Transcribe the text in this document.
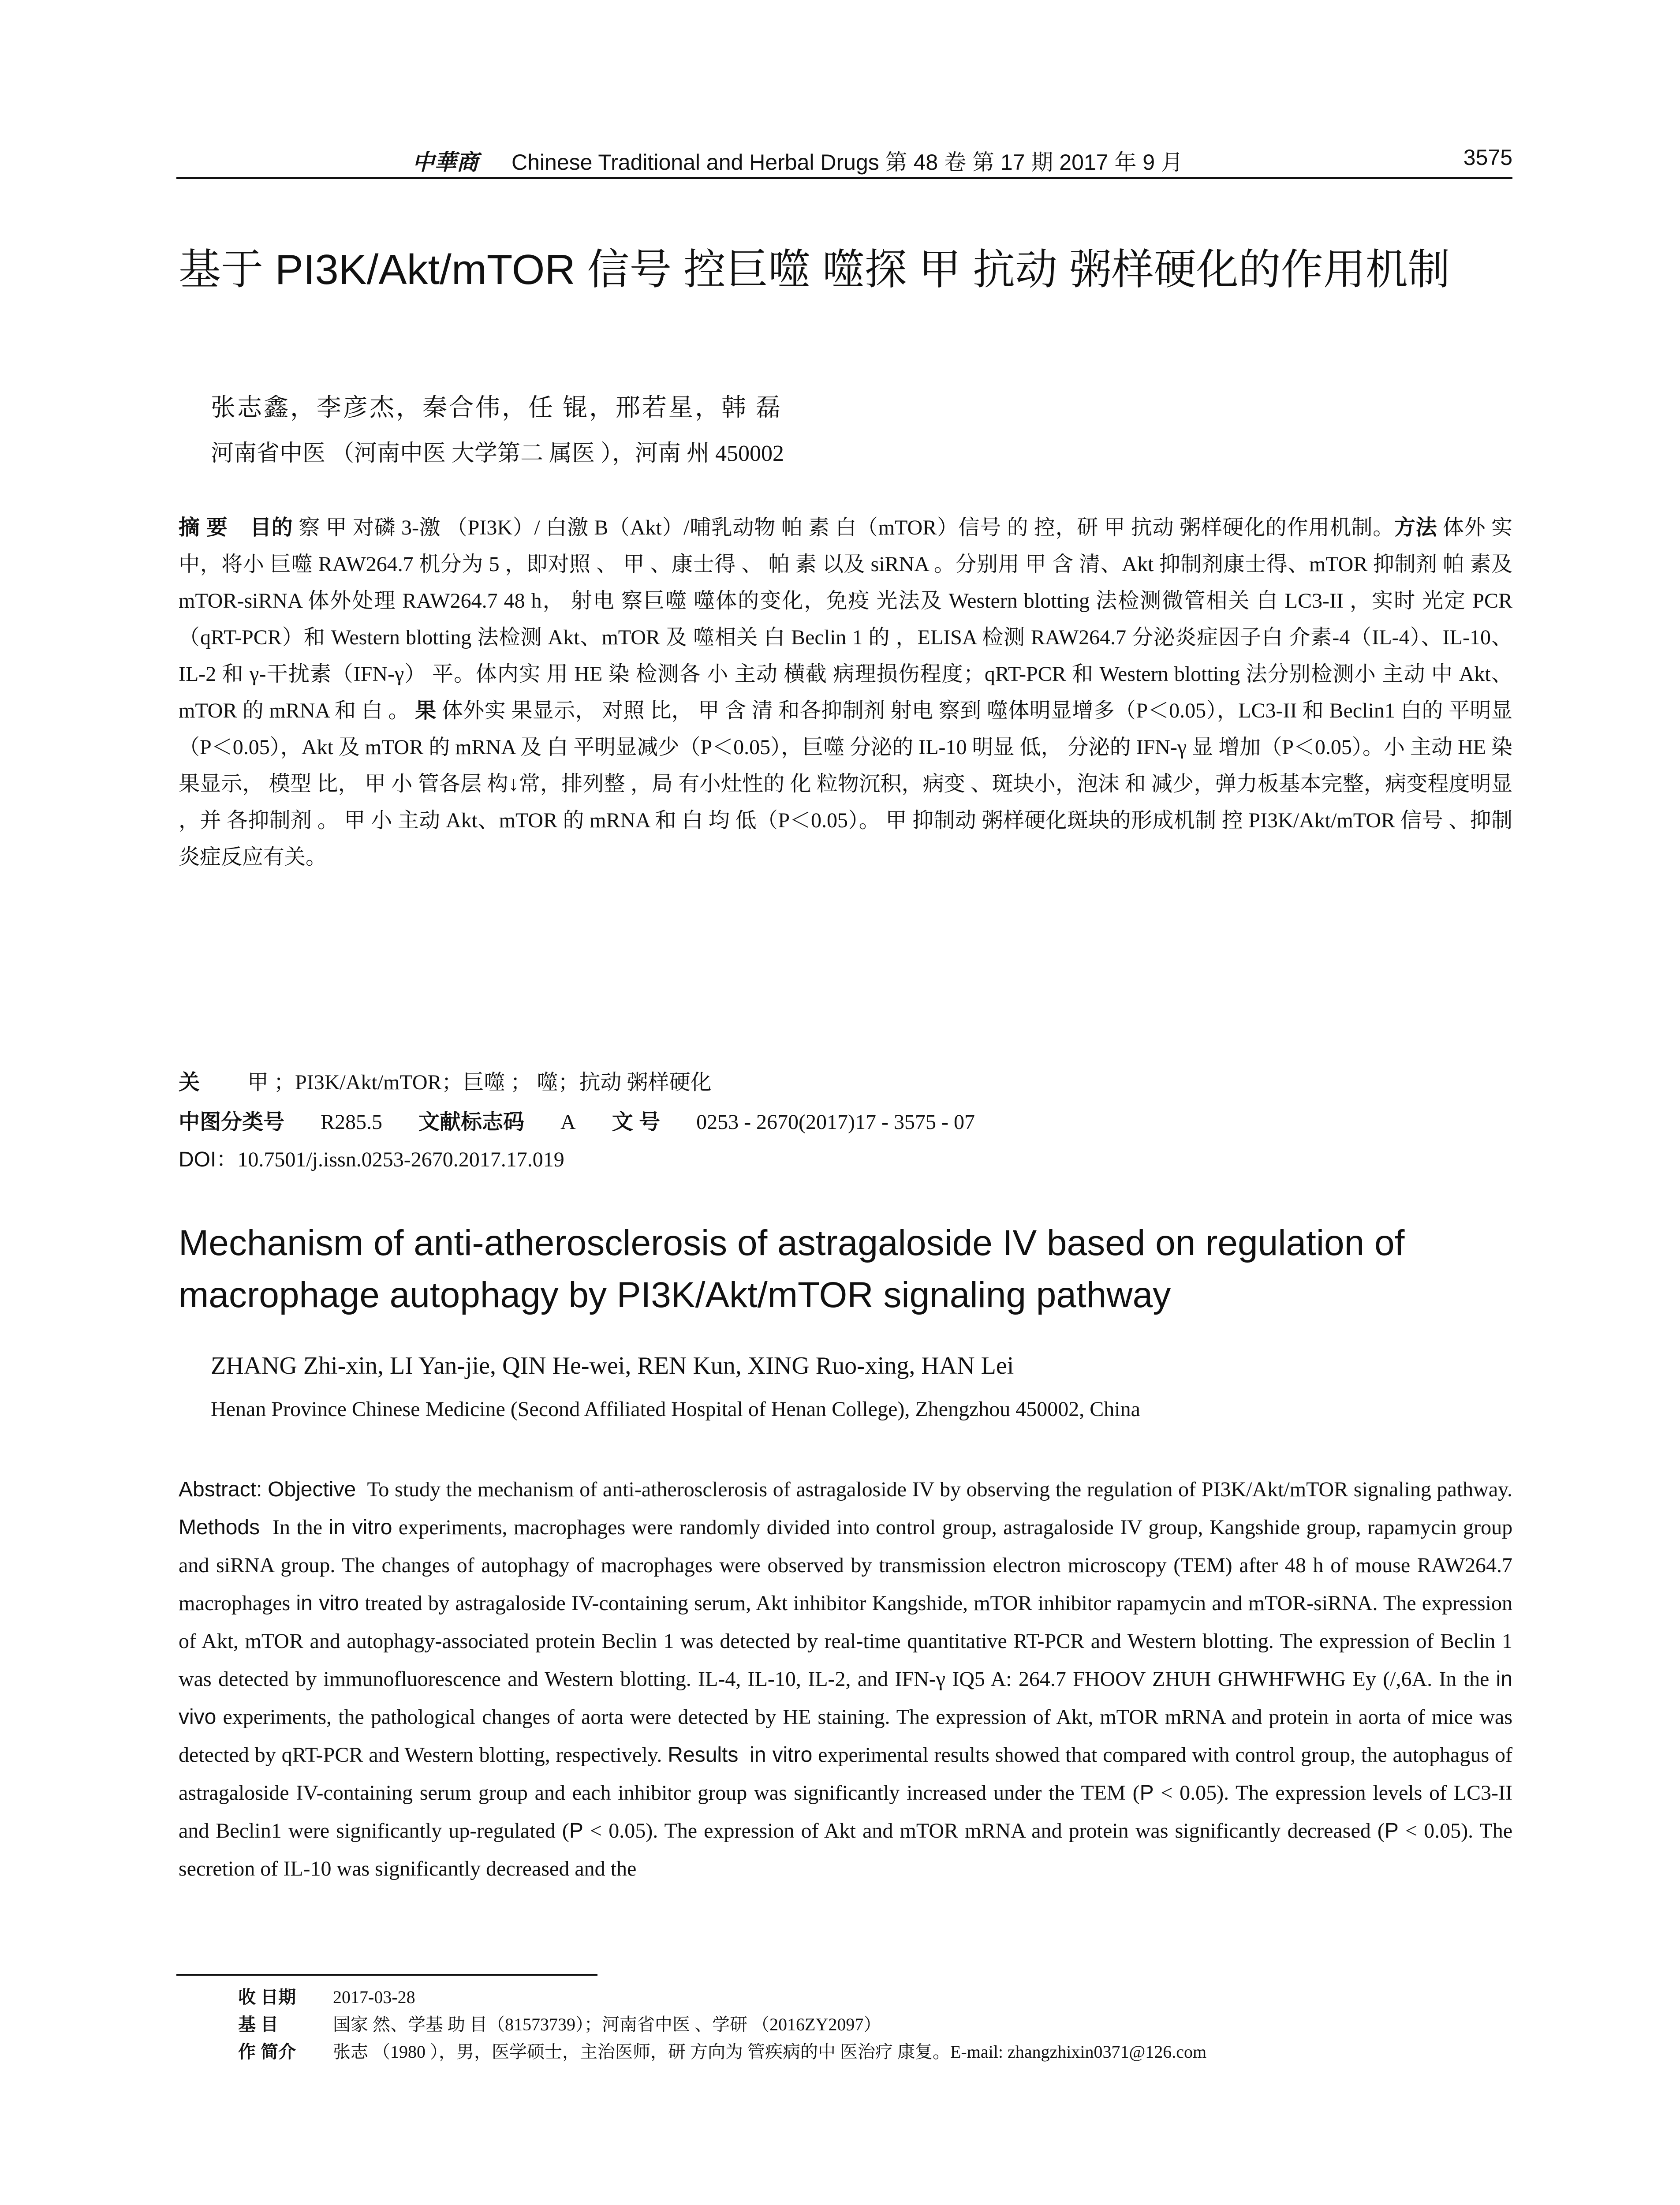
中華商 Chinese Traditional and Herbal Drugs 第 48 卷 第 17 期 2017 年 9 月	3575
基于 PI3K/Akt/mTOR 信号 控巨噬 噬探 甲 抗动 粥样硬化的作用机制
张志鑫，李彦杰，秦合伟，任 锟，邢若星，韩 磊
河南省中医 （河南中医 大学第二 属医 ），河南 州 450002
摘 要 目的 察 甲 对磷 3-激 （PI3K）/ 白激 B（Akt）/哺乳动物 帕 素 白（mTOR）信号 的 控，研 甲 抗动 粥样硬化的作用机制。方法 体外 实 中，将小 巨噬 RAW264.7 机分为 5 ，即对照 、 甲 、康士得 、 帕 素 以及 siRNA 。分别用 甲 含 清、Akt 抑制剂康士得、mTOR 抑制剂 帕 素及 mTOR-siRNA 体外处理 RAW264.7 48 h， 射电 察巨噬 噬体的变化，免疫 光法及 Western blotting 法检测微管相关 白 LC3-II ，实时 光定 PCR（qRT-PCR）和 Western blotting 法检测 Akt、mTOR 及 噬相关 白 Beclin 1 的 ，ELISA 检测 RAW264.7 分泌炎症因子白 介素-4（IL-4）、IL-10、IL-2 和 γ-干扰素（IFN-γ） 平。体内实 用 HE 染 检测各 小 主动 横截 病理损伤程度；qRT-PCR 和 Western blotting 法分别检测小 主动 中 Akt、mTOR 的 mRNA 和 白 。 果 体外实 果显示， 对照 比， 甲 含 清 和各抑制剂 射电 察到 噬体明显增多（P＜0.05），LC3-II 和 Beclin1 白的 平明显 （P＜0.05），Akt 及 mTOR 的 mRNA 及 白 平明显减少（P＜0.05），巨噬 分泌的 IL-10 明显 低， 分泌的 IFN-γ 显 增加（P＜0.05）。小 主动 HE 染 果显示， 模型 比， 甲 小 管各层 构↓常，排列整 ，局 有小灶性的 化 粒物沉积，病变 、斑块小，泡沫 和 减少，弹力板基本完整，病变程度明显 ，并 各抑制剂 。 甲 小 主动 Akt、mTOR 的 mRNA 和 白 均 低（P＜0.05）。 甲 抑制动 粥样硬化斑块的形成机制 控 PI3K/Akt/mTOR 信号 、抑制炎症反应有关。
关 甲 ；PI3K/Akt/mTOR；巨噬 ； 噬；抗动 粥样硬化
中图分类号 R285.5 文献标志码 A 文 号 0253 - 2670(2017)17 - 3575 - 07
DOI：10.7501/j.issn.0253-2670.2017.17.019
Mechanism of anti-atherosclerosis of astragaloside IV based on regulation of macrophage autophagy by PI3K/Akt/mTOR signaling pathway
ZHANG Zhi-xin, LI Yan-jie, QIN He-wei, REN Kun, XING Ruo-xing, HAN Lei
Henan Province Chinese Medicine (Second Affiliated Hospital of Henan College), Zhengzhou 450002, China
Abstract: Objective To study the mechanism of anti-atherosclerosis of astragaloside IV by observing the regulation of PI3K/Akt/mTOR signaling pathway. Methods In the in vitro experiments, macrophages were randomly divided into control group, astragaloside IV group, Kangshide group, rapamycin group and siRNA group. The changes of autophagy of macrophages were observed by transmission electron microscopy (TEM) after 48 h of mouse RAW264.7 macrophages in vitro treated by astragaloside IV-containing serum, Akt inhibitor Kangshide, mTOR inhibitor rapamycin and mTOR-siRNA. The expression of Akt, mTOR and autophagy-associated protein Beclin 1 was detected by real-time quantitative RT-PCR and Western blotting. The expression of Beclin 1 was detected by immunofluorescence and Western blotting. IL-4, IL-10, IL-2, and IFN-γ IQ5 A: 264.7 FHOOV ZHUH GHWHFWHG Ey (/,6A. In the in vivo experiments, the pathological changes of aorta were detected by HE staining. The expression of Akt, mTOR mRNA and protein in aorta of mice was detected by qRT-PCR and Western blotting, respectively. Results in vitro experimental results showed that compared with control group, the autophagus of astragaloside IV-containing serum group and each inhibitor group was significantly increased under the TEM (P < 0.05). The expression levels of LC3-II and Beclin1 were significantly up-regulated (P < 0.05). The expression of Akt and mTOR mRNA and protein was significantly decreased (P < 0.05). The secretion of IL-10 was significantly decreased and the
收 日期 2017-03-28
基 目	国家 然、学基 助 目（81573739）；河南省中医 、学研 （2016ZY2097）
作 简介 张志 （1980 ），男，医学硕士，主治医师，研 方向为 管疾病的中 医治疗 康复。E-mail: zhangzhixin0371@126.com
